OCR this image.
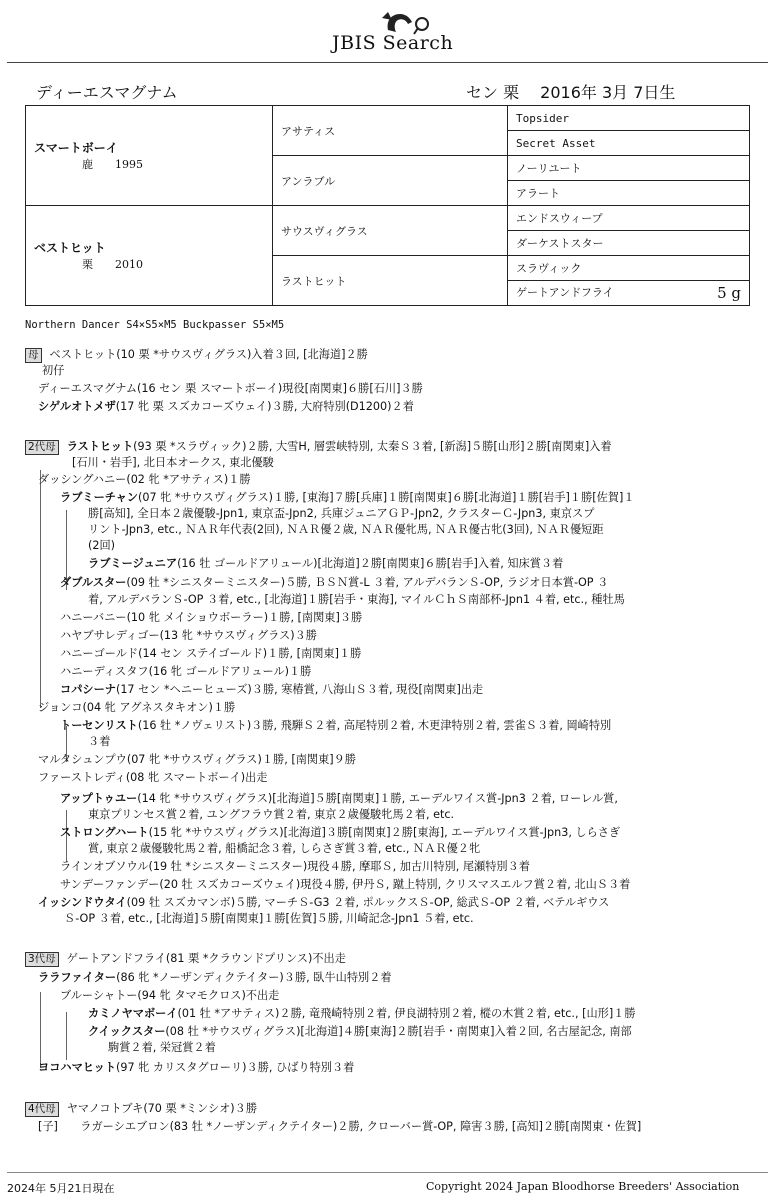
JBIS Search
ディーエスマグナム	セン 栗　 2016年 3月 7日生
スマートボーイ
鹿　　1995	アサティス	Topsider
		Secret Asset
	アンラブル	ノーリユート
		アラート

ベストヒット
栗　　2010	サウスヴィグラス	エンドスウィープ
		ダーケストスター
	ラストヒット	スラヴィック
		ゲートアンドフライ 5 g
Northern Dancer S4×S5×M5 Buckpasser S5×M5
母 ベストヒット(10 栗 *サウスヴィグラス)入着３回, [北海道]２勝
初仔
ディーエスマグナム(16 セン 栗 スマートボーイ)現役[南関東]６勝[石川]３勝
シゲルオトメザ(17 牝 栗 スズカコーズウェイ)３勝, 大府特別(D1200)２着
2代母 ラストヒット(93 栗 *スラヴィック)２勝, 大雪H, 層雲峡特別, 太秦Ｓ３着, [新潟]５勝[山形]２勝[南関東]入着
[石川・岩手], 北日本オークス, 東北優駿
ダッシングハニー(02 牝 *アサティス)１勝
ラブミーチャン(07 牝 *サウスヴィグラス)１勝, [東海]７勝[兵庫]１勝[南関東]６勝[北海道]１勝[岩手]１勝[佐賀]１
勝[高知], 全日本２歳優駿-Jpn1, 東京盃-Jpn2, 兵庫ジュニアＧＰ-Jpn2, クラスターＣ-Jpn3, 東京スプ
リント-Jpn3, etc., ＮＡＲ年代表(2回), ＮＡＲ優２歳, ＮＡＲ優牝馬, ＮＡＲ優古牝(3回), ＮＡＲ優短距
(2回)
ラブミージュニア(16 牡 ゴールドアリュール)[北海道]２勝[南関東]６勝[岩手]入着, 知床賞３着
ダブルスター(09 牡 *シニスターミニスター)５勝, ＢＳＮ賞-L ３着, アルデバランＳ-OP, ラジオ日本賞-OP ３
着, アルデバランＳ-OP ３着, etc., [北海道]１勝[岩手・東海], マイルＣｈＳ南部杯-Jpn1 ４着, etc., 種牡馬
ハニーバニー(10 牝 メイショウボーラー)１勝, [南関東]３勝
ハヤブサレディゴー(13 牝 *サウスヴィグラス)３勝
ハニーゴールド(14 セン ステイゴールド)１勝, [南関東]１勝
ハニーディスタフ(16 牝 ゴールドアリュール)１勝
コパシーナ(17 セン *ヘニーヒューズ)３勝, 寒椿賞, 八海山Ｓ３着, 現役[南関東]出走
ジョンコ(04 牝 アグネスタキオン)１勝
トーセンリスト(16 牡 *ノヴェリスト)３勝, 飛騨Ｓ２着, 高尾特別２着, 木更津特別２着, 雲雀Ｓ３着, 岡崎特別
３着
マルタシュンプウ(07 牝 *サウスヴィグラス)１勝, [南関東]９勝
ファーストレディ(08 牝 スマートボーイ)出走
アップトゥユー(14 牝 *サウスヴィグラス)[北海道]５勝[南関東]１勝, エーデルワイス賞-Jpn3 ２着, ローレル賞,
東京プリンセス賞２着, ユングフラウ賞２着, 東京２歳優駿牝馬２着, etc.
ストロングハート(15 牝 *サウスヴィグラス)[北海道]３勝[南関東]２勝[東海], エーデルワイス賞-Jpn3, しらさぎ
賞, 東京２歳優駿牝馬２着, 船橋記念３着, しらさぎ賞３着, etc., ＮＡＲ優２牝
ラインオブソウル(19 牡 *シニスターミニスター)現役４勝, 摩耶Ｓ, 加古川特別, 尾瀬特別３着
サンデーファンデー(20 牡 スズカコーズウェイ)現役４勝, 伊丹Ｓ, 蹴上特別, クリスマスエルフ賞２着, 北山Ｓ３着
イッシンドウタイ(09 牡 スズカマンボ)５勝, マーチＳ-G3 ２着, ポルックスＳ-OP, 総武Ｓ-OP ２着, ベテルギウス
Ｓ-OP ３着, etc., [北海道]５勝[南関東]１勝[佐賀]５勝, 川崎記念-Jpn1 ５着, etc.
3代母 ゲートアンドフライ(81 栗 *クラウンドプリンス)不出走
ララファイター(86 牝 *ノーザンディクテイター)３勝, 臥牛山特別２着
ブルーシャトー(94 牝 タマモクロス)不出走
カミノヤマボーイ(01 牡 *アサティス)２勝, 竜飛崎特別２着, 伊良湖特別２着, 樅の木賞２着, etc., [山形]１勝
クイックスター(08 牡 *サウスヴィグラス)[北海道]４勝[東海]２勝[岩手・南関東]入着２回, 名古屋記念, 南部
駒賞２着, 栄冠賞２着
ヨコハマヒット(97 牝 カリスタグローリ)３勝, ひばり特別３着
4代母 ヤマノコトブキ(70 栗 *ミンシオ)３勝
[子]　　ラガーシエブロン(83 牡 *ノーザンディクテイター)２勝, クローバー賞-OP, 障害３勝, [高知]２勝[南関東・佐賀]
2024年 5月21日現在	Copyright 2024 Japan Bloodhorse Breeders' Association
